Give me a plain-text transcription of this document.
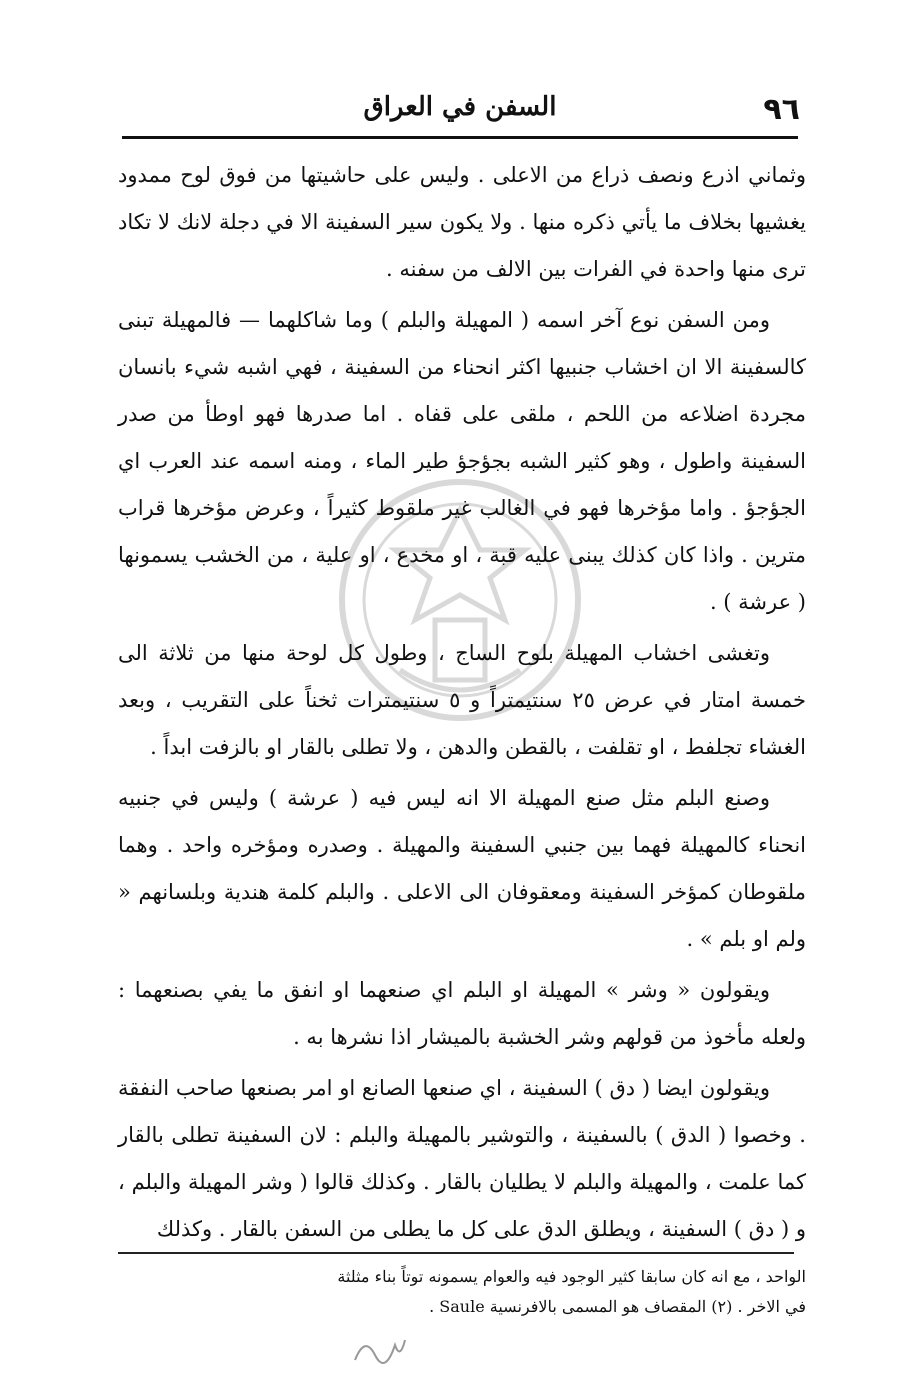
٩٦
السفن في العراق

وثماني اذرع ونصف ذراع من الاعلى . وليس على حاشيتها من فوق لوح ممدود يغشيها بخلاف ما يأتي ذكره منها . ولا يكون سير السفينة الا في دجلة لانك لا تكاد ترى منها واحدة في الفرات بين الالف من سفنه .

ومن السفن نوع آخر اسمه ( المهيلة والبلم ) وما شاكلهما — فالمهيلة تبنى كالسفينة الا ان اخشاب جنبيها اكثر انحناء من السفينة ، فهي اشبه شيء بانسان مجردة اضلاعه من اللحم ، ملقى على قفاه . اما صدرها فهو اوطأ من صدر السفينة واطول ، وهو كثير الشبه بجؤجؤ طير الماء ، ومنه اسمه عند العرب اي الجؤجؤ . واما مؤخرها فهو في الغالب غير ملقوط كثيراً ، وعرض مؤخرها قراب مترين . واذا كان كذلك يبنى عليه قبة ، او مخدع ، او علية ، من الخشب يسمونها ( عرشة ) .

وتغشى اخشاب المهيلة بلوح الساج ، وطول كل لوحة منها من ثلاثة الى خمسة امتار في عرض ٢٥ سنتيمتراً و ٥ سنتيمترات ثخناً على التقريب ، وبعد الغشاء تجلفط ، او تقلفت ، بالقطن والدهن ، ولا تطلى بالقار او بالزفت ابداً .

وصنع البلم مثل صنع المهيلة الا انه ليس فيه ( عرشة ) وليس في جنبيه انحناء كالمهيلة فهما بين جنبي السفينة والمهيلة . وصدره ومؤخره واحد . وهما ملقوطان كمؤخر السفينة ومعقوفان الى الاعلى . والبلم كلمة هندية وبلسانهم « ولم او بلم » .

ويقولون « وشر » المهيلة او البلم اي صنعهما او انفق ما يفي بصنعهما : ولعله مأخوذ من قولهم وشر الخشبة بالميشار اذا نشرها به .

ويقولون ايضا ( دق ) السفينة ، اي صنعها الصانع او امر بصنعها صاحب النفقة . وخصوا ( الدق ) بالسفينة ، والتوشير بالمهيلة والبلم : لان السفينة تطلى بالقار كما علمت ، والمهيلة والبلم لا يطليان بالقار . وكذلك قالوا ( وشر المهيلة والبلم ، و ( دق ) السفينة ، ويطلق الدق على كل ما يطلى من السفن بالقار . وكذلك

الواحد ، مع انه كان سابقا كثير الوجود فيه والعوام يسمونه توتاً بناء مثلثة

في الاخر . (٢) المقصاف هو المسمى بالافرنسية Saule .
